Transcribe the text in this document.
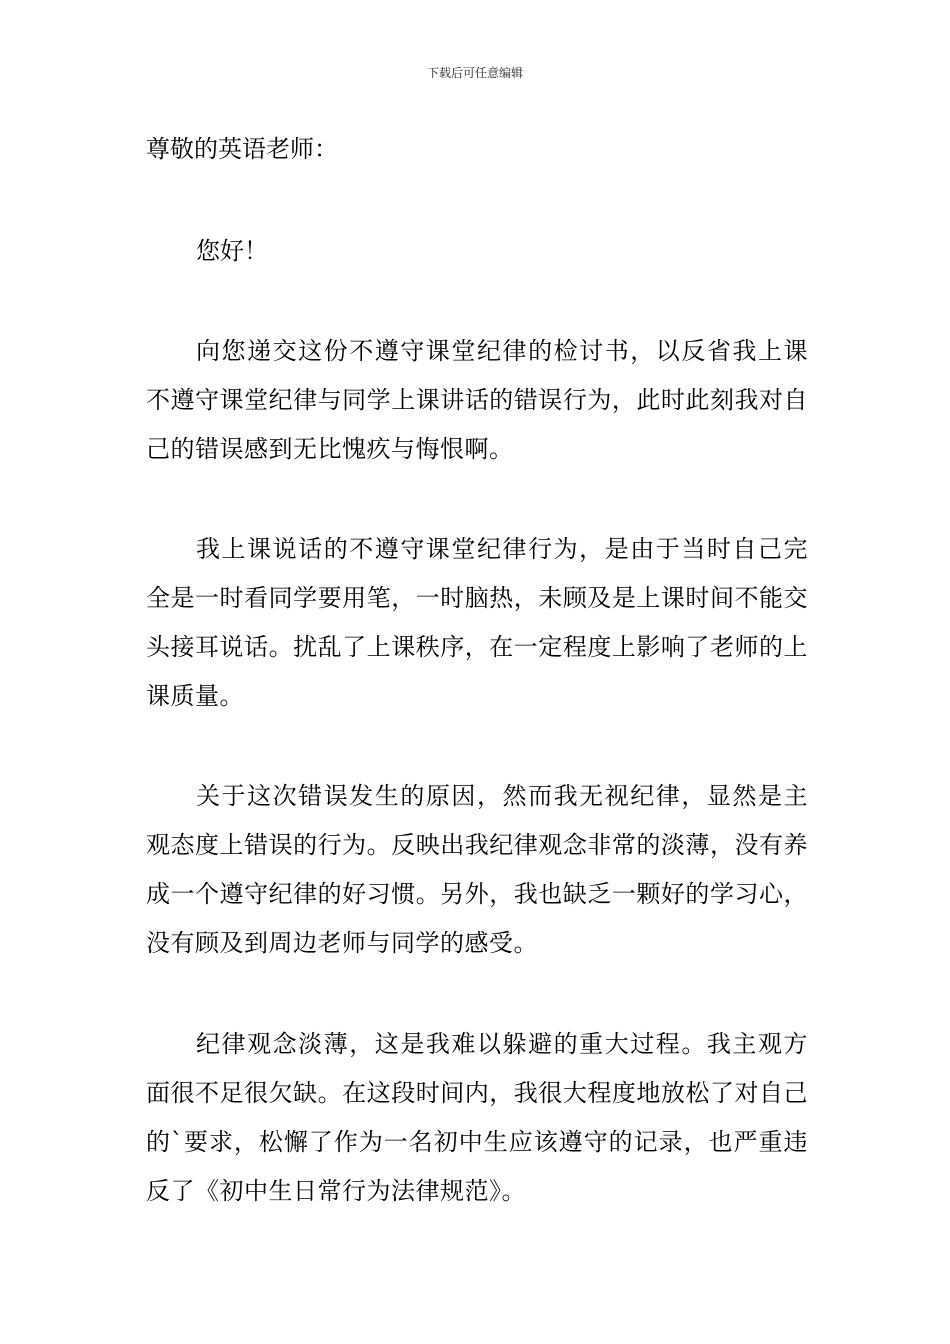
下载后可任意编辑
尊敬的英语老师：
您好！

向您递交这份不遵守课堂纪律的检讨书，以反省我上课不遵守课堂纪律与同学上课讲话的错误行为，此时此刻我对自己的错误感到无比愧疚与悔恨啊。

我上课说话的不遵守课堂纪律行为，是由于当时自己完全是一时看同学要用笔，一时脑热，未顾及是上课时间不能交头接耳说话。扰乱了上课秩序，在一定程度上影响了老师的上课质量。

关于这次错误发生的原因，然而我无视纪律，显然是主观态度上错误的行为。反映出我纪律观念非常的淡薄，没有养成一个遵守纪律的好习惯。另外，我也缺乏一颗好的学习心，没有顾及到周边老师与同学的感受。

纪律观念淡薄，这是我难以躲避的重大过程。我主观方面很不足很欠缺。在这段时间内，我很大程度地放松了对自己的`要求，松懈了作为一名初中生应该遵守的记录，也严重违反了《初中生日常行为法律规范》。
